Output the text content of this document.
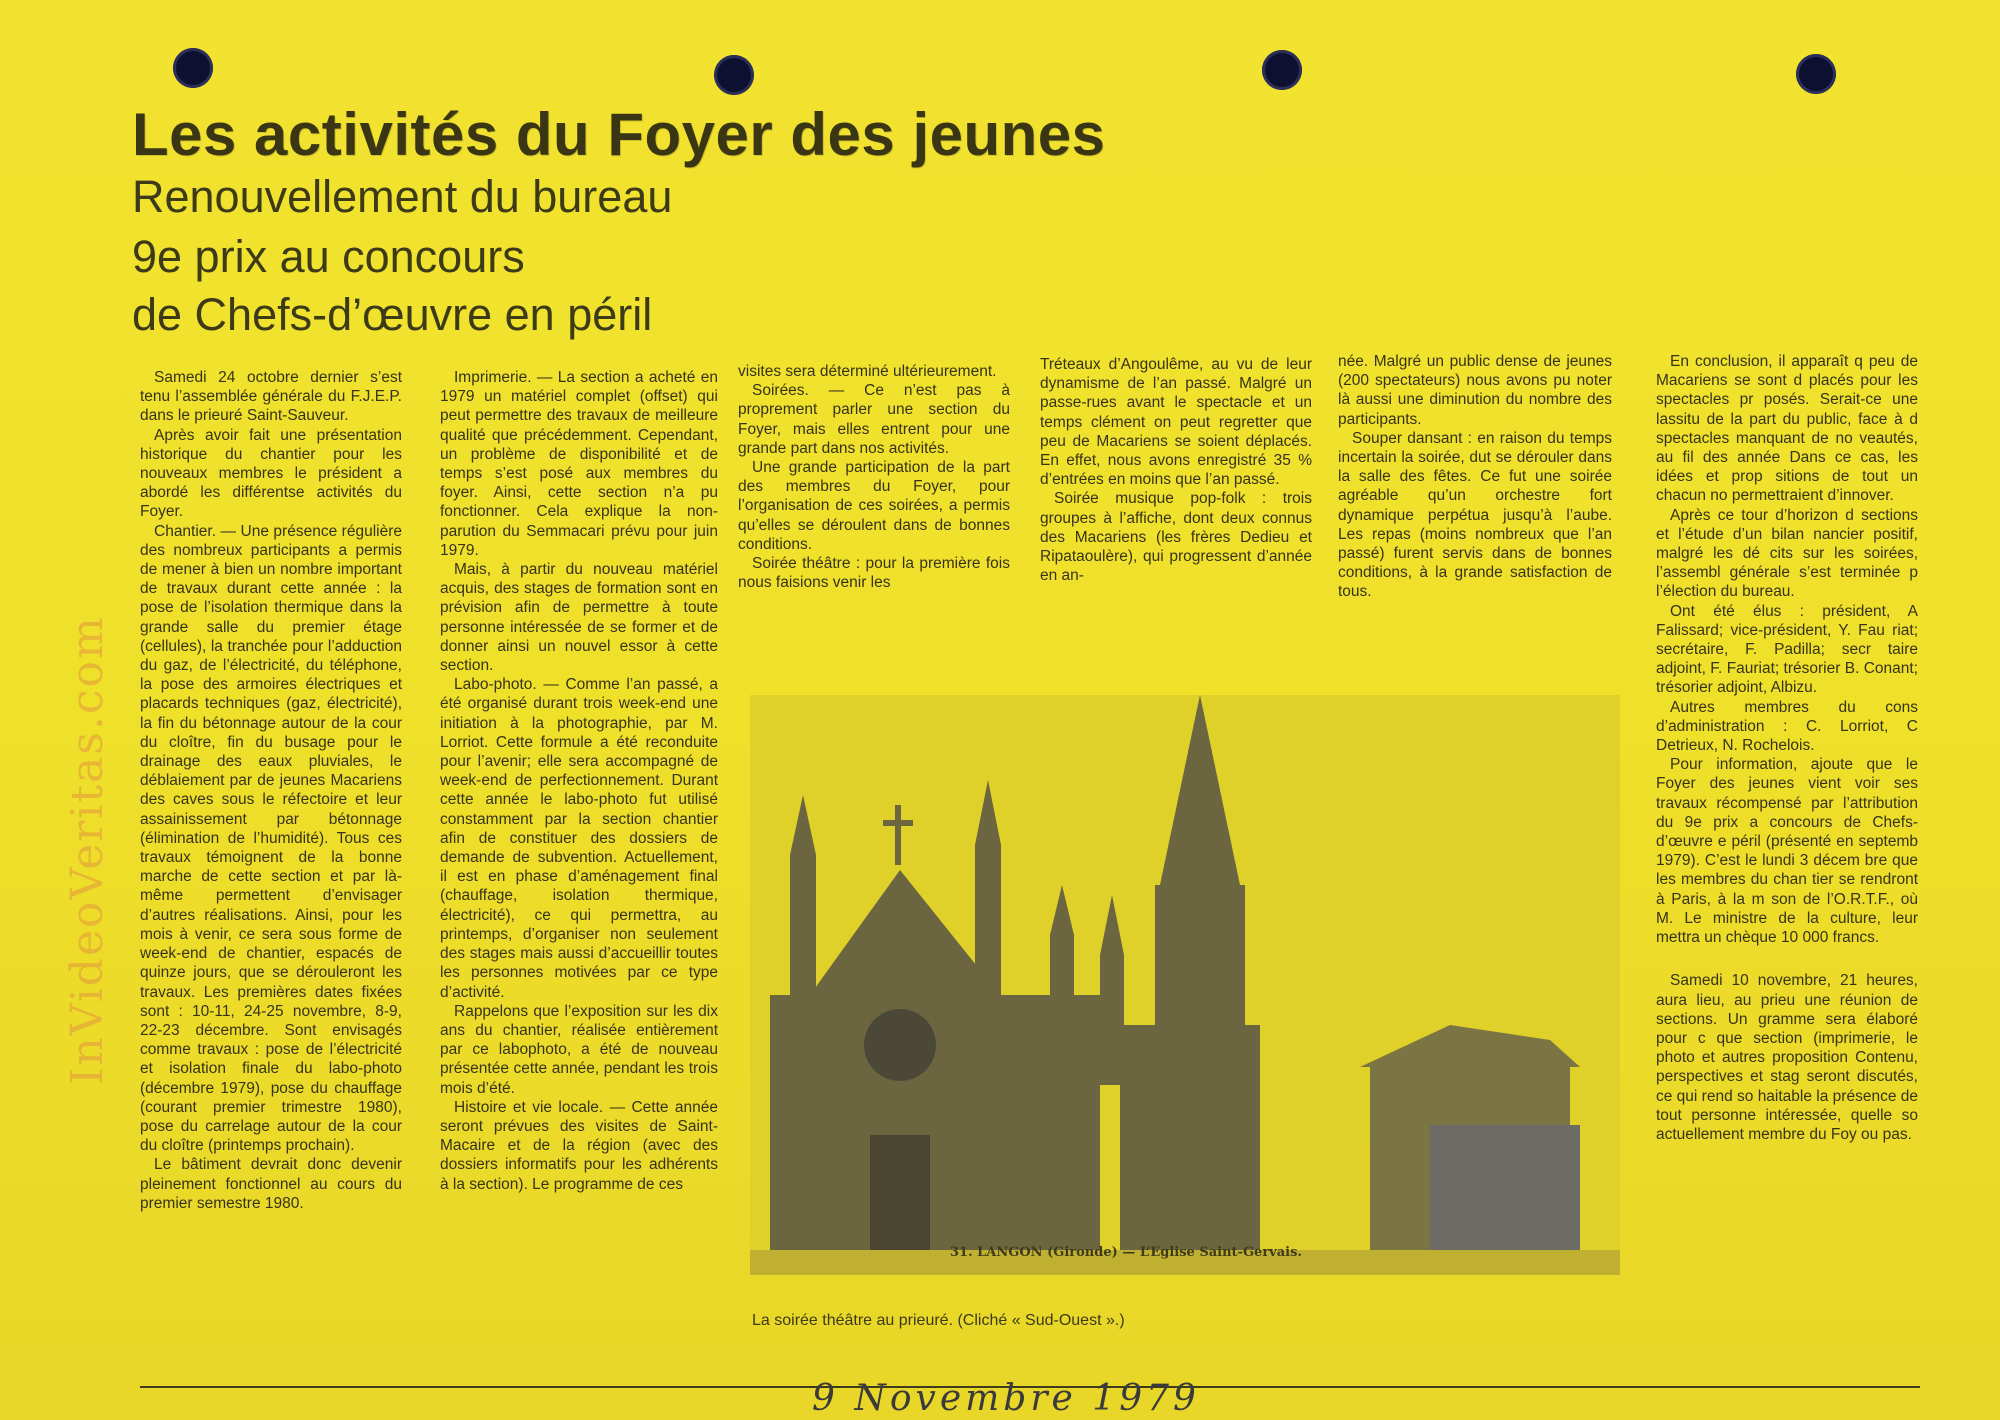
InVideoVeritas.com
Les activités du Foyer des jeunes
Renouvellement du bureau
9e prix au concours
de Chefs-d’œuvre en péril

Samedi 24 octobre dernier s’est tenu l’assemblée générale du F.J.E.P. dans le prieuré Saint-Sauveur.

Après avoir fait une présentation historique du chantier pour les nouveaux membres le président a abordé les différentse activités du Foyer.

Chantier. — Une présence régulière des nombreux participants a permis de mener à bien un nombre important de travaux durant cette année : la pose de l’isolation thermique dans la grande salle du premier étage (cellules), la tranchée pour l’adduction du gaz, de l’électricité, du téléphone, la pose des armoires électriques et placards techniques (gaz, électricité), la fin du bétonnage autour de la cour du cloître, fin du busage pour le drainage des eaux pluviales, le déblaiement par de jeunes Macariens des caves sous le réfectoire et leur assainissement par bétonnage (élimination de l’humidité). Tous ces travaux témoignent de la bonne marche de cette section et par là-même permettent d’envisager d’autres réalisations. Ainsi, pour les mois à venir, ce sera sous forme de week-end de chantier, espacés de quinze jours, que se dérouleront les travaux. Les premières dates fixées sont : 10-11, 24-25 novembre, 8-9, 22-23 décembre. Sont envisagés comme travaux : pose de l’électricité et isolation finale du labo-photo (décembre 1979), pose du chauffage (courant premier trimestre 1980), pose du carrelage autour de la cour du cloître (printemps prochain).

Le bâtiment devrait donc devenir pleinement fonctionnel au cours du premier semestre 1980.

Imprimerie. — La section a acheté en 1979 un matériel complet (offset) qui peut permettre des travaux de meilleure qualité que précédemment. Cependant, un problème de disponibilité et de temps s’est posé aux membres du foyer. Ainsi, cette section n’a pu fonctionner. Cela explique la non-parution du Semmacari prévu pour juin 1979.

Mais, à partir du nouveau matériel acquis, des stages de formation sont en prévision afin de permettre à toute personne intéressée de se former et de donner ainsi un nouvel essor à cette section.

Labo-photo. — Comme l’an passé, a été organisé durant trois week-end une initiation à la photographie, par M. Lorriot. Cette formule a été reconduite pour l’avenir; elle sera accompagné de week-end de perfectionnement. Durant cette année le labo-photo fut utilisé constamment par la section chantier afin de constituer des dossiers de demande de subvention. Actuellement, il est en phase d’aménagement final (chauffage, isolation thermique, électricité), ce qui permettra, au printemps, d’organiser non seulement des stages mais aussi d’accueillir toutes les personnes motivées par ce type d’activité.

Rappelons que l’exposition sur les dix ans du chantier, réalisée entièrement par ce labophoto, a été de nouveau présentée cette année, pendant les trois mois d’été.

Histoire et vie locale. — Cette année seront prévues des visites de Saint-Macaire et de la région (avec des dossiers informatifs pour les adhérents à la section). Le programme de ces

visites sera déterminé ultérieurement.

Soirées. — Ce n’est pas à proprement parler une section du Foyer, mais elles entrent pour une grande part dans nos activités.

Une grande participation de la part des membres du Foyer, pour l’organisation de ces soirées, a permis qu’elles se déroulent dans de bonnes conditions.

Soirée théâtre : pour la première fois nous faisions venir les

Tréteaux d’Angoulême, au vu de leur dynamisme de l’an passé. Malgré un passe-rues avant le spectacle et un temps clément on peut regretter que peu de Macariens se soient déplacés. En effet, nous avons enregistré 35 % d’entrées en moins que l’an passé.

Soirée musique pop-folk : trois groupes à l’affiche, dont deux connus des Macariens (les frères Dedieu et Ripataoulère), qui progressent d’année en an-

née. Malgré un public dense de jeunes (200 spectateurs) nous avons pu noter là aussi une diminution du nombre des participants.

Souper dansant : en raison du temps incertain la soirée, dut se dérouler dans la salle des fêtes. Ce fut une soirée agréable qu’un orchestre fort dynamique perpétua jusqu’à l’aube. Les repas (moins nombreux que l’an passé) furent servis dans de bonnes conditions, à la grande satisfaction de tous.

En conclusion, il apparaît q peu de Macariens se sont d placés pour les spectacles pr posés. Serait-ce une lassitu de la part du public, face à d spectacles manquant de no veautés, au fil des année Dans ce cas, les idées et prop sitions de tout un chacun no permettraient d’innover.

Après ce tour d’horizon d sections et l’étude d’un bilan nancier positif, malgré les dé cits sur les soirées, l’assembl générale s’est terminée p l’élection du bureau.

Ont été élus : président, A Falissard; vice-président, Y. Fau riat; secrétaire, F. Padilla; secr taire adjoint, F. Fauriat; trésorier B. Conant; trésorier adjoint, Albizu.

Autres membres du cons d’administration : C. Lorriot, C Detrieux, N. Rochelois.

Pour information, ajoute que le Foyer des jeunes vient voir ses travaux récompensé par l’attribution du 9e prix a concours de Chefs-d’œuvre e péril (présenté en septemb 1979). C’est le lundi 3 décem bre que les membres du chan tier se rendront à Paris, à la m son de l’O.R.T.F., où M. Le ministre de la culture, leur mettra un chèque 10 000 francs.

Samedi 10 novembre, 21 heures, aura lieu, au prieu une réunion de sections. Un gramme sera élaboré pour c que section (imprimerie, le photo et autres proposition Contenu, perspectives et stag seront discutés, ce qui rend so haitable la présence de tout personne intéressée, quelle so actuellement membre du Foy ou pas.

31. LANGON (Gironde) — L’Eglise Saint-Gervais.
La soirée théâtre au prieuré. (Cliché « Sud-Ouest ».)
9 Novembre 1979
